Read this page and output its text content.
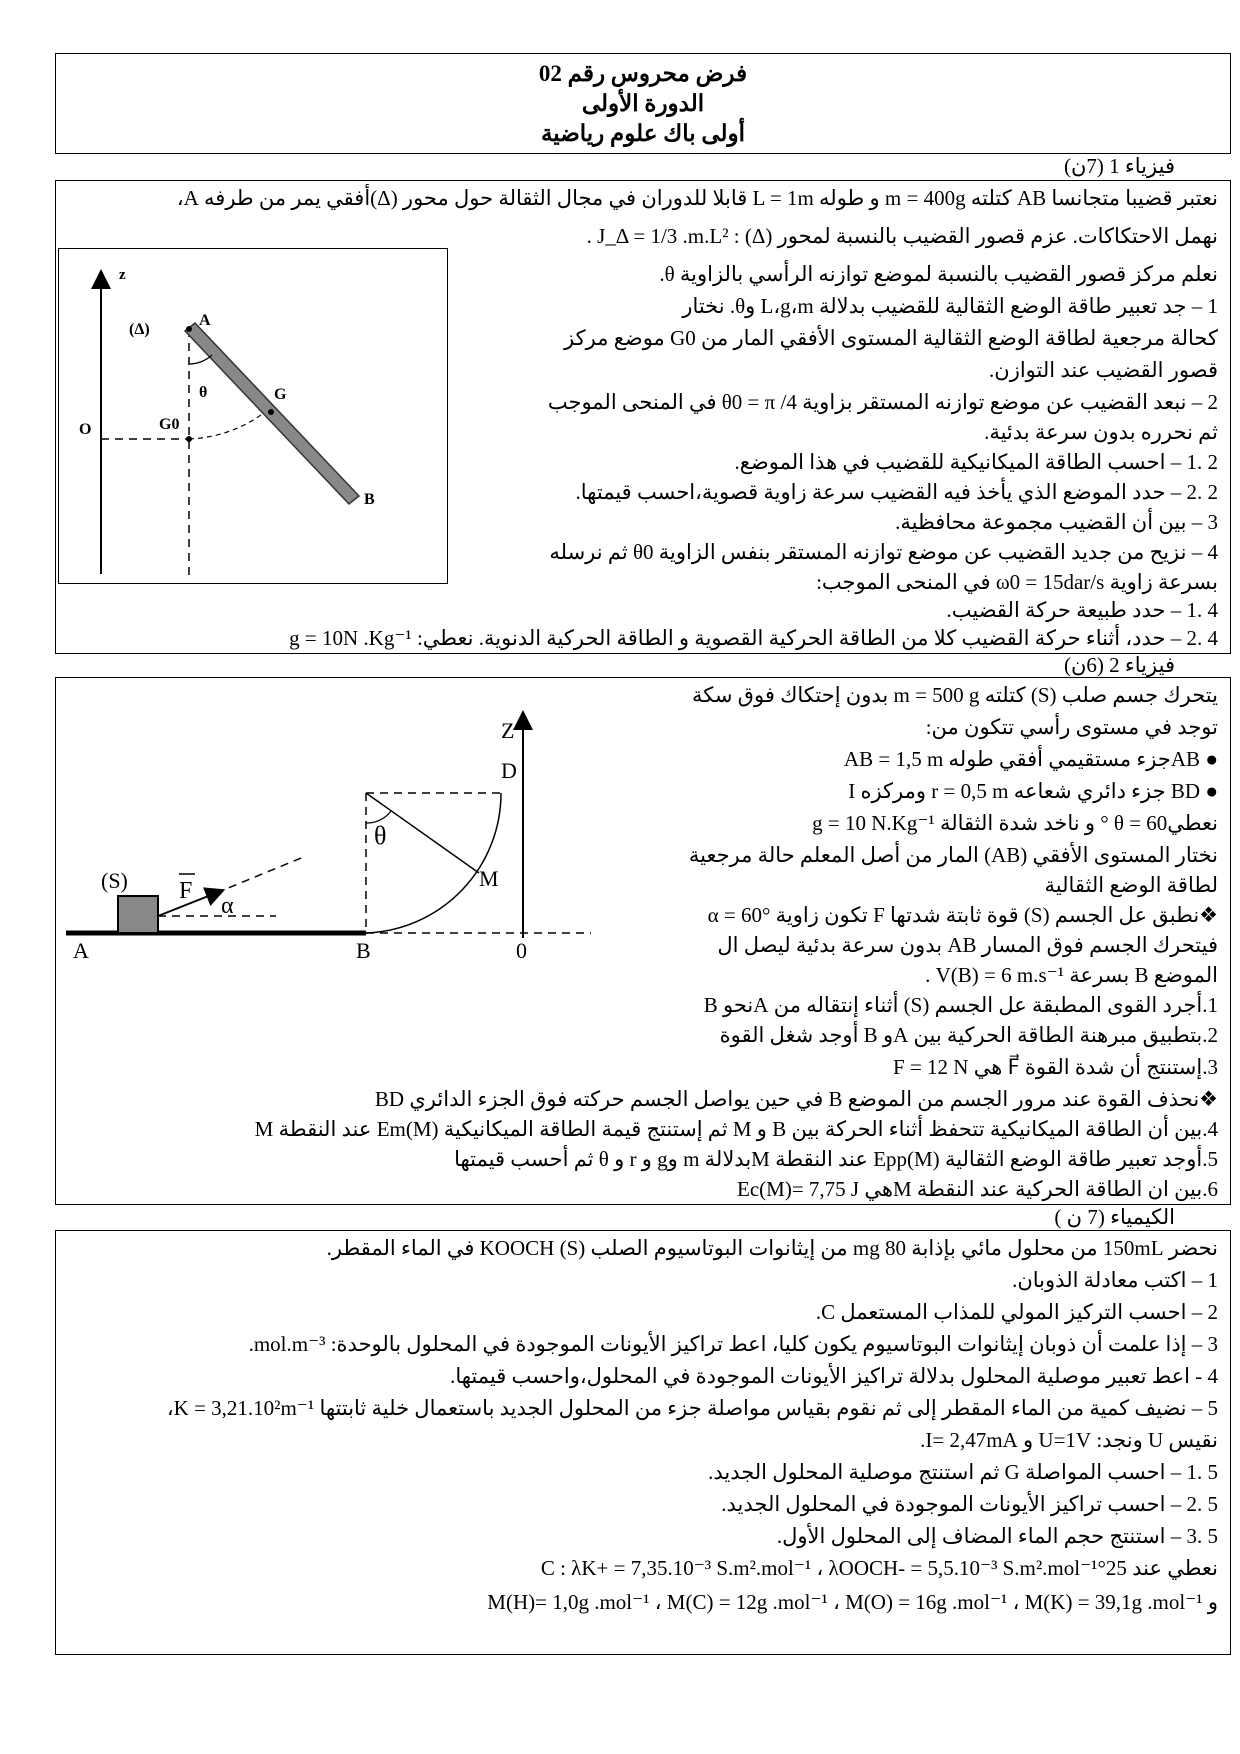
فرض محروس رقم 02
الدورة الأولى
أولى باك علوم رياضية
فيزياء 1 (7ن)
نعتبر قضيبا متجانسا AB كتلته m = 400g و طوله L = 1m قابلا للدوران في مجال الثقالة حول محور (Δ)أفقي يمر من طرفه A،
نهمل الاحتكاكات. عزم قصور القضيب بالنسبة لمحور (Δ) : J_Δ = 1/3 .m.L² .
نعلم مركز قصور القضيب بالنسبة لموضع توازنه الرأسي بالزاوية θ.
1 – جد تعبير طاقة الوضع الثقالية للقضيب بدلالة L،g،m وθ. نختار
كحالة مرجعية لطاقة الوضع الثقالية المستوى الأفقي المار من G0 موضع مركز
قصور القضيب عند التوازن.
2 – نبعد القضيب عن موضع توازنه المستقر بزاوية θ0 = π /4 في المنحى الموجب
ثم نحرره بدون سرعة بدئية.
2 .1 – احسب الطاقة الميكانيكية للقضيب في هذا الموضع.
2 .2 – حدد الموضع الذي يأخذ فيه القضيب سرعة زاوية قصوية،احسب قيمتها.
3 – بين أن القضيب مجموعة محافظية.
4 – نزيح من جديد القضيب عن موضع توازنه المستقر بنفس الزاوية θ0 ثم نرسله
بسرعة زاوية ω0 = 15dar/s في المنحى الموجب:
4 .1 – حدد طبيعة حركة القضيب.
4 .2 – حدد، أثناء حركة القضيب كلا من الطاقة الحركية القصوية و الطاقة الحركية الدنوية. نعطي: g = 10N .Kg⁻¹
z
(Δ)
A
θ	G
G0
O
B
فيزياء 2 (6ن)
يتحرك جسم صلب (S) كتلته m = 500 g بدون إحتكاك فوق سكة
توجد في مستوى رأسي تتكون من:
● ABجزء مستقيمي أفقي طوله AB = 1,5 m
● BD جزء دائري شعاعه r = 0,5 m ومركزه I
نعطي60 = θ ° و ناخد شدة الثقالة g = 10 N.Kg⁻¹
نختار المستوى الأفقي (AB) المار من أصل المعلم حالة مرجعية
لطاقة الوضع الثقالية
❖نطبق عل الجسم (S) قوة ثابتة شدتها F تكون زاوية α = 60°
فيتحرك الجسم فوق المسار AB بدون سرعة بدئية ليصل ال
الموضع B بسرعة V(B) = 6 m.s⁻¹ .
1.أجرد القوى المطبقة عل الجسم (S) أثناء إنتقاله من Aنحو B
2.بتطبيق مبرهنة الطاقة الحركية بين Aو B أوجد شغل القوة
3.إستنتج أن شدة القوة F⃗ هي F = 12 N
❖نحذف القوة عند مرور الجسم من الموضع B في حين يواصل الجسم حركته فوق الجزء الدائري BD
4.بين أن الطاقة الميكانيكية تتحفظ أثناء الحركة بين B و M ثم إستنتج قيمة الطاقة الميكانيكية Em(M) عند النقطة M
5.أوجد تعبير طاقة الوضع الثقالية Epp(M) عند النقطة Mبدلالة m وg و r و θ ثم أحسب قيمتها
6.بين ان الطاقة الحركية عند النقطة Mهي Ec(M)= 7,75 J
(S) F
α
A	B
D
M
Z
0
θ
الكيمياء (7 ن )
نحضر 150mL من محلول مائي بإذابة 80 mg من إيثانوات البوتاسيوم الصلب (S) KOOCH في الماء المقطر.
1 – اكتب معادلة الذوبان.
2 – احسب التركيز المولي للمذاب المستعمل C.
3 – إذا علمت أن ذوبان إيثانوات البوتاسيوم يكون كليا، اعط تراكيز الأيونات الموجودة في المحلول بالوحدة: mol.m⁻³.
4 - اعط تعبير موصلية المحلول بدلالة تراكيز الأيونات الموجودة في المحلول،واحسب قيمتها.
5 – نضيف كمية من الماء المقطر إلى ثم نقوم بقياس مواصلة جزء من المحلول الجديد باستعمال خلية ثابتتها K = 3,21.10²m⁻¹،
نقيس U ونجد: U=1V و I= 2,47mA.
5 .1 – احسب المواصلة G ثم استنتج موصلية المحلول الجديد.
5 .2 – احسب تراكيز الأيونات الموجودة في المحلول الجديد.
5 .3 – استنتج حجم الماء المضاف إلى المحلول الأول.
نعطي عند 25°C : λK+ = 7,35.10⁻³ S.m².mol⁻¹ ، λOOCH- = 5,5.10⁻³ S.m².mol⁻¹
و M(H)= 1,0g .mol⁻¹ ، M(C) = 12g .mol⁻¹ ، M(O) = 16g .mol⁻¹ ، M(K) = 39,1g .mol⁻¹
